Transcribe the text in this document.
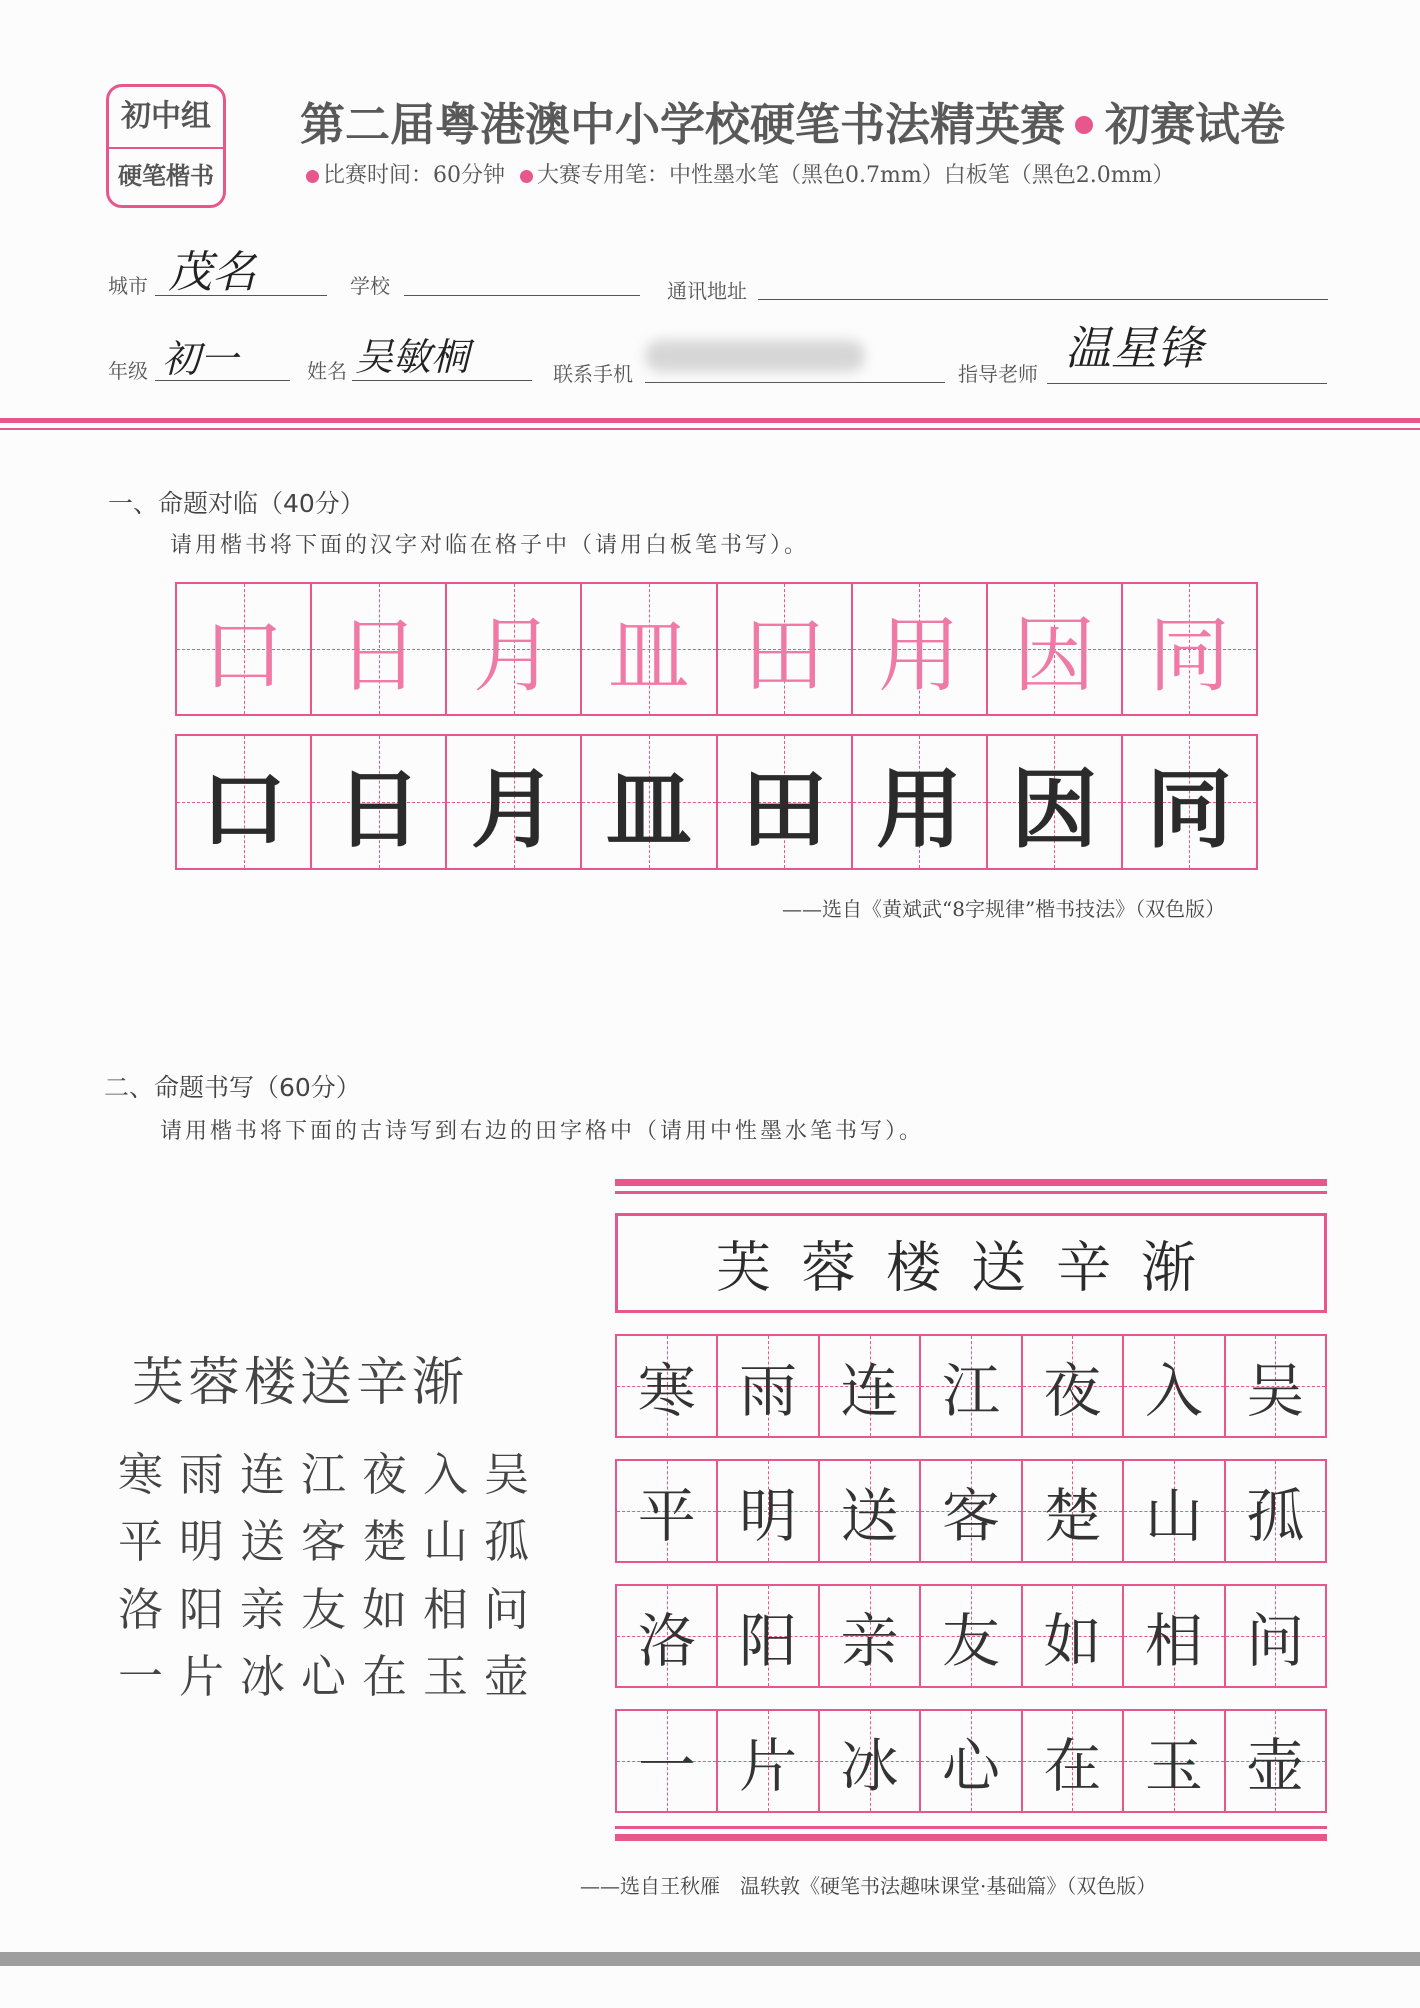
初中组
硬笔楷书
第二届粤港澳中小学校硬笔书法精英赛 初赛试卷
比赛时间：60分钟 大赛专用笔：中性墨水笔（黑色0.7mm）白板笔（黑色2.0mm）
城市 茂名	学校	通讯地址
年级 初一	姓名 吴敏桐	联系手机	指导老师 温星锋
一、命题对临（40分）
请用楷书将下面的汉字对临在格子中（请用白板笔书写）。
口 日 月 皿 田 用 因 同
口 日 月 皿 田 用 因 同
——选自《黄斌武“8字规律”楷书技法》（双色版）
二、命题书写（60分）
请用楷书将下面的古诗写到右边的田字格中（请用中性墨水笔书写）。
芙蓉楼送辛渐
寒雨连江夜入吴
平明送客楚山孤
洛阳亲友如相问
一片冰心在玉壶
芙蓉楼送辛渐
寒 雨 连 江 夜 入 吴
平 明 送 客 楚 山 孤
洛 阳 亲 友 如 相 问
一 片 冰 心 在 玉 壶
——选自王秋雁　温轶敦《硬笔书法趣味课堂·基础篇》（双色版）
